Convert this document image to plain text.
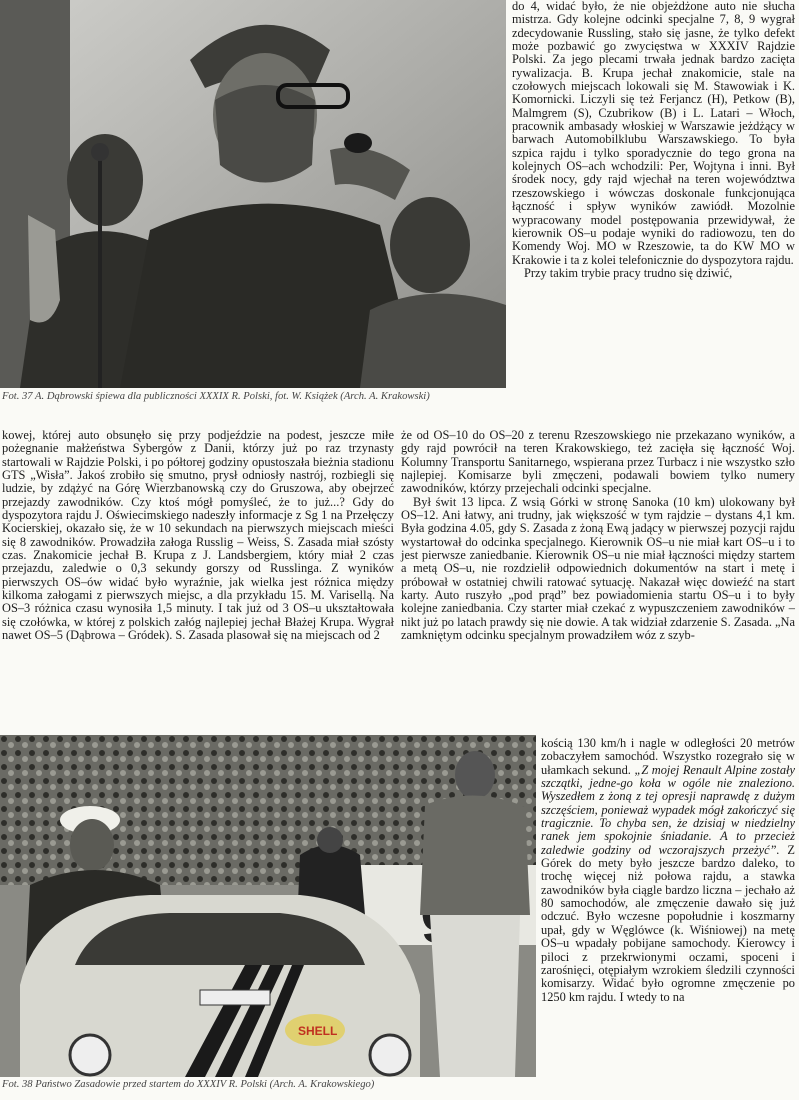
Fot. 37 A. Dąbrowski śpiewa dla publiczności XXXIX R. Polski, fot. W. Książek (Arch. A. Krakowski)

do 4, widać było, że nie objeżdżone auto nie słucha mistrza. Gdy kolejne odcinki specjalne 7, 8, 9 wygrał zdecydowanie Russling, stało się jasne, że tylko defekt może pozbawić go zwycięstwa w XXXIV Rajdzie Polski. Za jego plecami trwała jednak bardzo zacięta rywalizacja. B. Krupa jechał znakomicie, stale na czołowych miejscach lokowali się M. Stawowiak i K. Komornicki. Liczyli się też Ferjancz (H), Petkow (B), Malmgrem (S), Czubrikow (B) i L. Latari – Włoch, pracownik ambasady włoskiej w Warszawie jeżdżący w barwach Automobilklubu Warszawskiego. To była szpica rajdu i tylko sporadycznie do tego grona na kolejnych OS–ach wchodzili: Per, Wojtyna i inni. Był środek nocy, gdy rajd wjechał na teren województwa rzeszowskiego i wówczas doskonale funkcjonująca łączność i spływ wyników zawiódł. Mozolnie wypracowany model postępowania przewidywał, że kierownik OS–u podaje wyniki do radiowozu, ten do Komendy Woj. MO w Rzeszowie, ta do KW MO w Krakowie i ta z kolei telefonicznie do dyspozytora rajdu.

Przy takim trybie pracy trudno się dziwić,

kowej, której auto obsunęło się przy podjeździe na podest, jeszcze miłe pożegnanie małżeństwa Sybergów z Danii, którzy już po raz trzynasty startowali w Rajdzie Polski, i po półtorej godziny opustoszała bieżnia stadionu GTS „Wisła”. Jakoś zrobiło się smutno, prysł odniosły nastrój, rozbiegli się ludzie, by zdążyć na Górę Wierzbanowską czy do Gruszowa, aby obejrzeć przejazdy zawodników. Czy ktoś mógł pomyśleć, że to już...? Gdy do dyspozytora rajdu J. Oświecimskiego nadeszły informacje z Sg 1 na Przełęczy Kocierskiej, okazało się, że w 10 sekundach na pierwszych miejscach mieści się 8 zawodników. Prowadziła załoga Russlig – Weiss, S. Zasada miał szósty czas. Znakomicie jechał B. Krupa z J. Landsbergiem, który miał 2 czas przejazdu, zaledwie o 0,3 sekundy gorszy od Russlinga. Z wyników pierwszych OS–ów widać było wyraźnie, jak wielka jest różnica między kilkoma załogami z pierwszych miejsc, a dla przykładu 15. M. Varisellą. Na OS–3 różnica czasu wynosiła 1,5 minuty. I tak już od 3 OS–u ukształtowała się czołówka, w której z polskich załóg najlepiej jechał Błażej Krupa. Wygrał nawet OS–5 (Dąbrowa – Gródek). S. Zasada plasował się na miejscach od 2

że od OS–10 do OS–20 z terenu Rzeszowskiego nie przekazano wyników, a gdy rajd powrócił na teren Krakowskiego, też zacięła się łączność Woj. Kolumny Transportu Sanitarnego, wspierana przez Turbacz i nie wszystko szło najlepiej. Komisarze byli zmęczeni, podawali bowiem tylko numery zawodników, którzy przejechali odcinki specjalne.

Był świt 13 lipca. Z wsią Górki w stronę Sanoka (10 km) ulokowany był OS–12. Ani łatwy, ani trudny, jak większość w tym rajdzie – dystans 4,1 km. Była godzina 4.05, gdy S. Zasada z żoną Ewą jadący w pierwszej pozycji rajdu wystartował do odcinka specjalnego. Kierownik OS–u nie miał kart OS–u i to jest pierwsze zaniedbanie. Kierownik OS–u nie miał łączności między startem a metą OS–u, nie rozdzielił odpowiednich dokumentów na start i metę i próbował w ostatniej chwili ratować sytuację. Nakazał więc dowieźć na start karty. Auto ruszyło „pod prąd” bez powiadomienia startu OS–u i to były kolejne zaniedbania. Czy starter miał czekać z wypuszczeniem zawodników – nikt już po latach prawdy się nie dowie. A tak widział zdarzenie S. Zasada. „Na zamkniętym odcinku specjalnym prowadziłem wóz z szyb-

SHELL
Fot. 38 Państwo Zasadowie przed startem do XXXIV R. Polski (Arch. A. Krakowskiego)

kością 130 km/h i nagle w odległości 20 metrów zobaczyłem samochód. Wszystko rozegrało się w ułamkach sekund. „Z mojej Renault Alpine zostały szczątki, jedne-go koła w ogóle nie znaleziono. Wyszedłem z żoną z tej opresji naprawdę z dużym szczęściem, ponieważ wypadek mógł zakończyć się tragicznie. To chyba sen, że dzisiaj w niedzielny ranek jem spokojnie śniadanie. A to przecież zaledwie godziny od wczorajszych przeżyć”. Z Górek do mety było jeszcze bardzo daleko, to trochę więcej niż połowa rajdu, a stawka zawodników była ciągle bardzo liczna – jechało aż 80 samochodów, ale zmęczenie dawało się już odczuć. Było wczesne popołudnie i koszmarny upał, gdy w Węglówce (k. Wiśniowej) na metę OS–u wpadały pobijane samochody. Kierowcy i piloci z przekrwionymi oczami, spoceni i zarośnięci, otępiałym wzrokiem śledzili czynności komisarzy. Widać było ogromne zmęczenie po 1250 km rajdu. I wtedy to na
